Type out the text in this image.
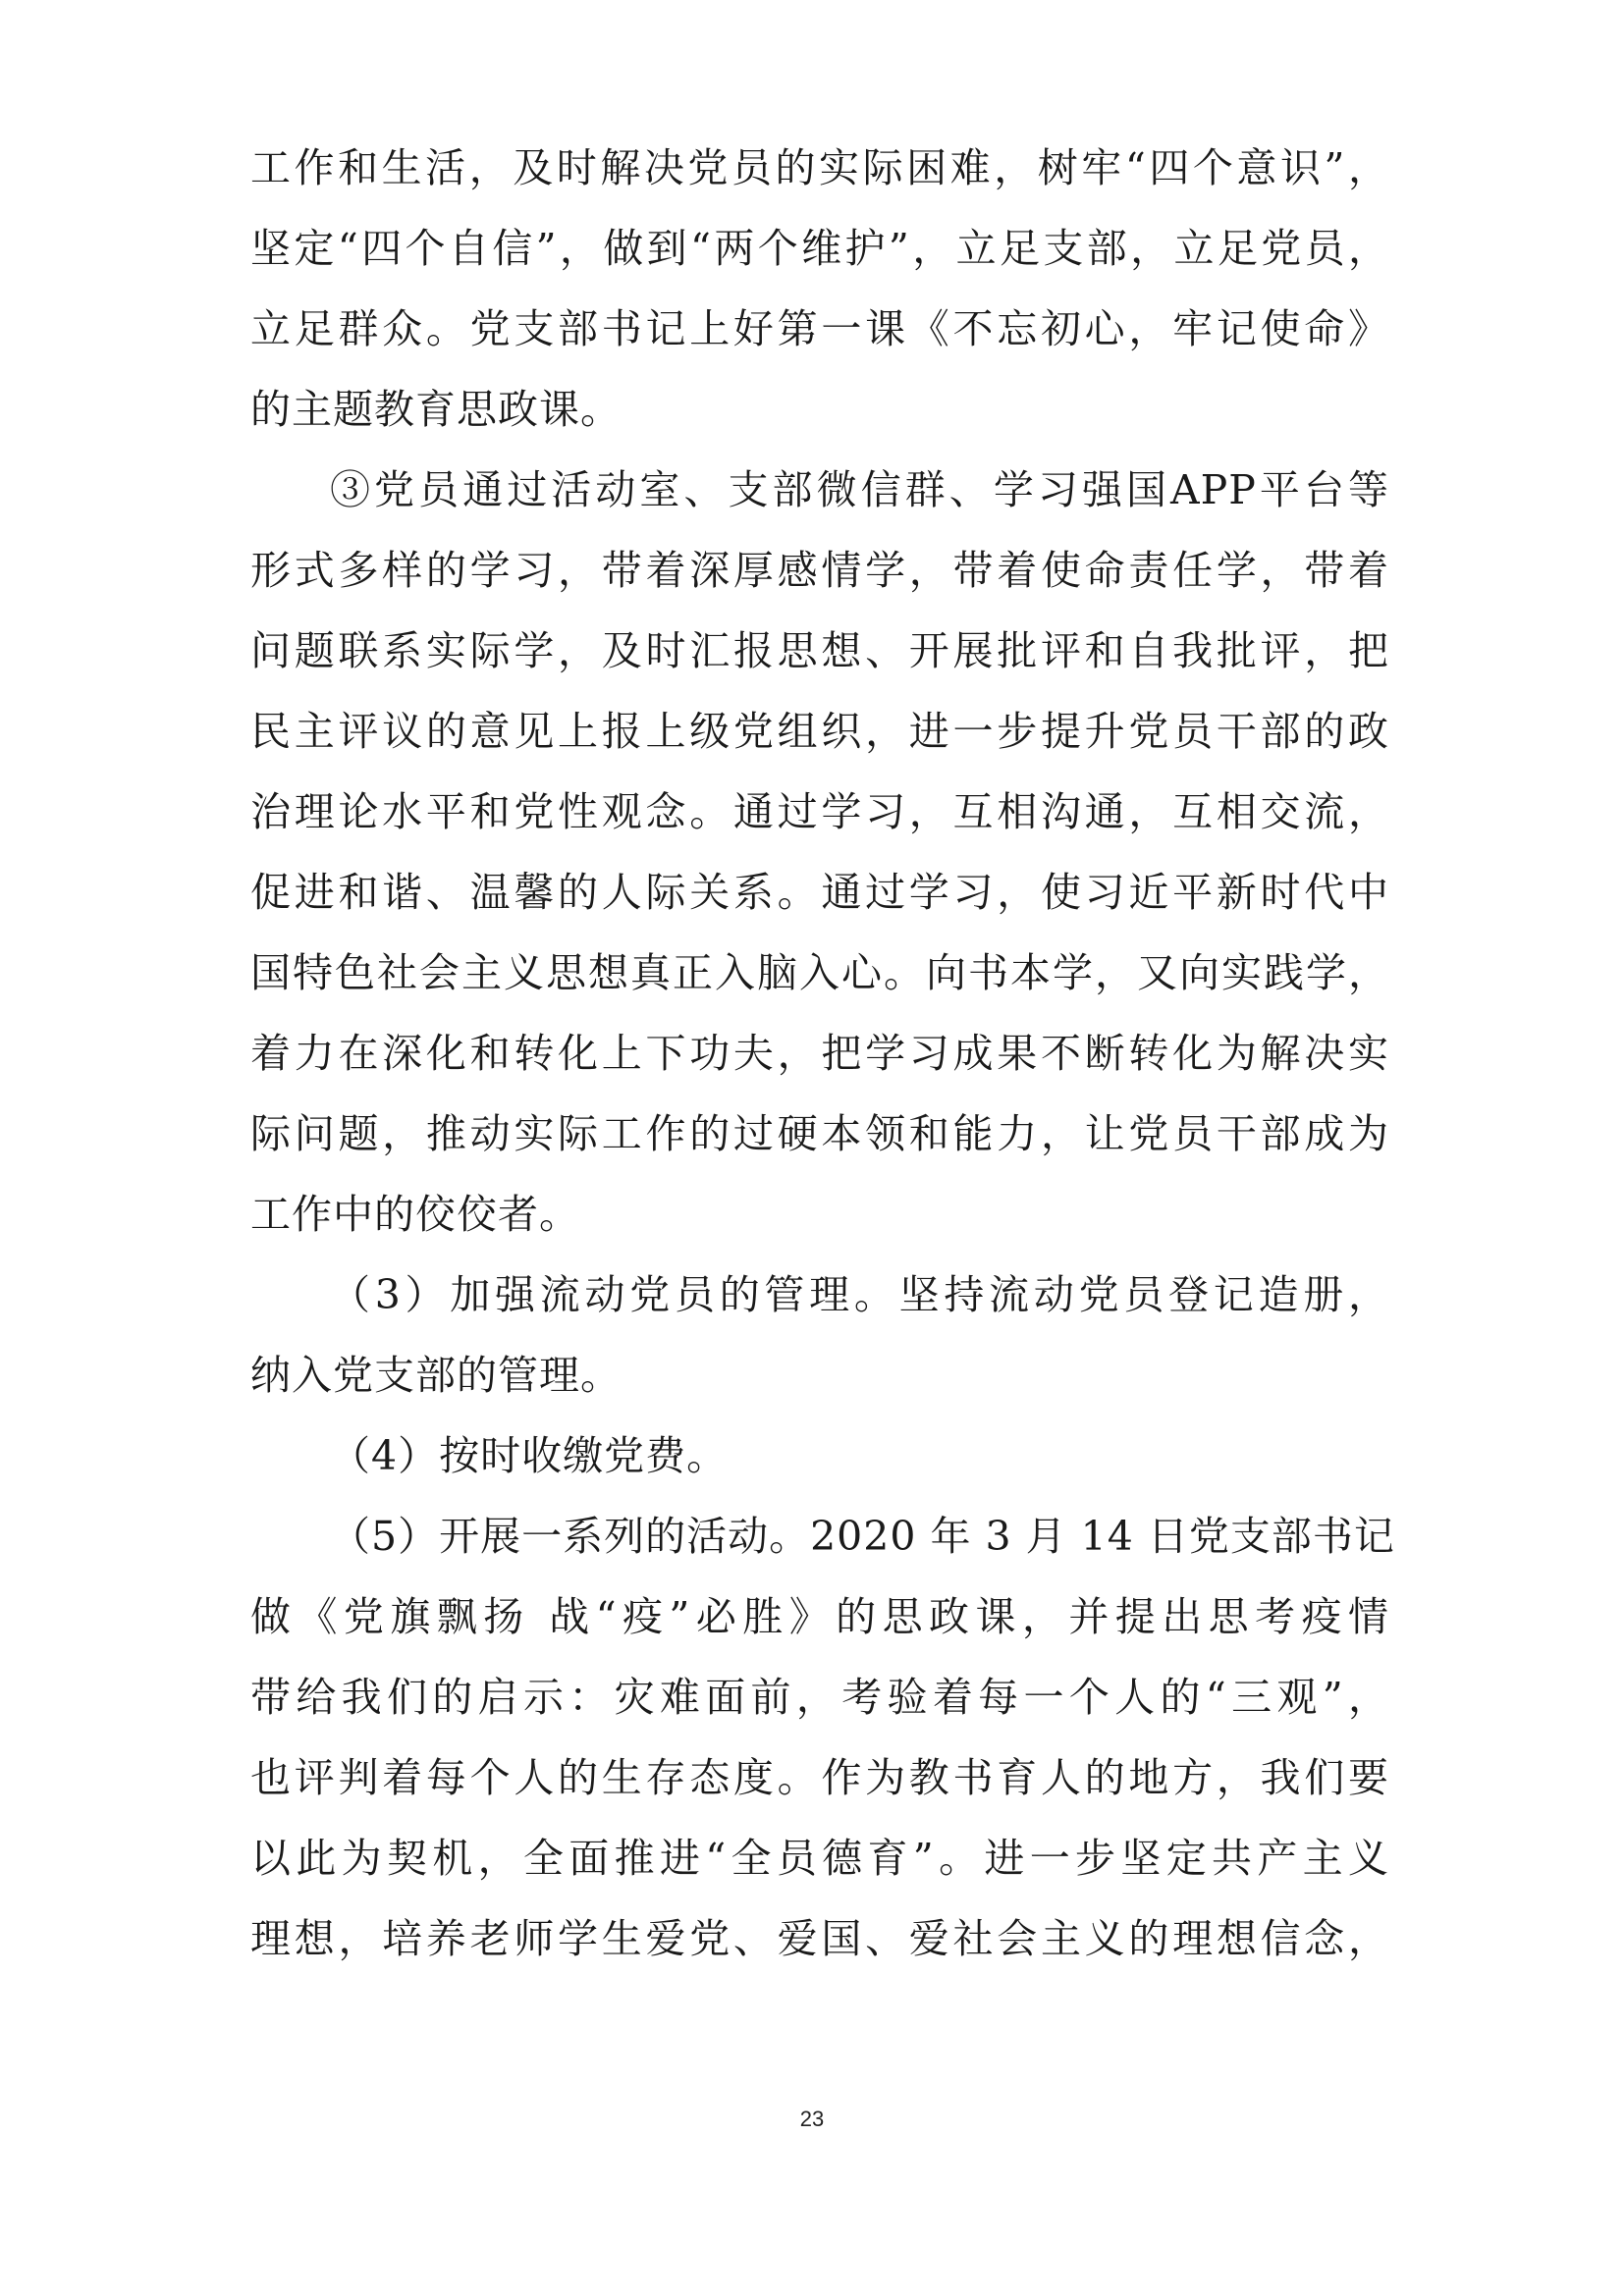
工作和生活，及时解决党员的实际困难，树牢“四个意识”，
坚定“四个自信”，做到“两个维护”，立足支部，立足党员，
立足群众。党支部书记上好第一课《不忘初心，牢记使命》
的主题教育思政课。
③党员通过活动室、支部微信群、学习强国APP平台等
形式多样的学习，带着深厚感情学，带着使命责任学，带着
问题联系实际学，及时汇报思想、开展批评和自我批评，把
民主评议的意见上报上级党组织，进一步提升党员干部的政
治理论水平和党性观念。通过学习，互相沟通，互相交流，
促进和谐、温馨的人际关系。通过学习，使习近平新时代中
国特色社会主义思想真正入脑入心。向书本学，又向实践学，
着力在深化和转化上下功夫，把学习成果不断转化为解决实
际问题，推动实际工作的过硬本领和能力，让党员干部成为
工作中的佼佼者。
（3）加强流动党员的管理。坚持流动党员登记造册，
纳入党支部的管理。
（4）按时收缴党费。
（5）开展一系列的活动。2020 年 3 月 14 日党支部书记
做《党旗飘扬 战“疫”必胜》的思政课，并提出思考疫情
带给我们的启示：灾难面前，考验着每一个人的“三观”，
也评判着每个人的生存态度。作为教书育人的地方，我们要
以此为契机，全面推进“全员德育”。进一步坚定共产主义
理想，培养老师学生爱党、爱国、爱社会主义的理想信念，
23
